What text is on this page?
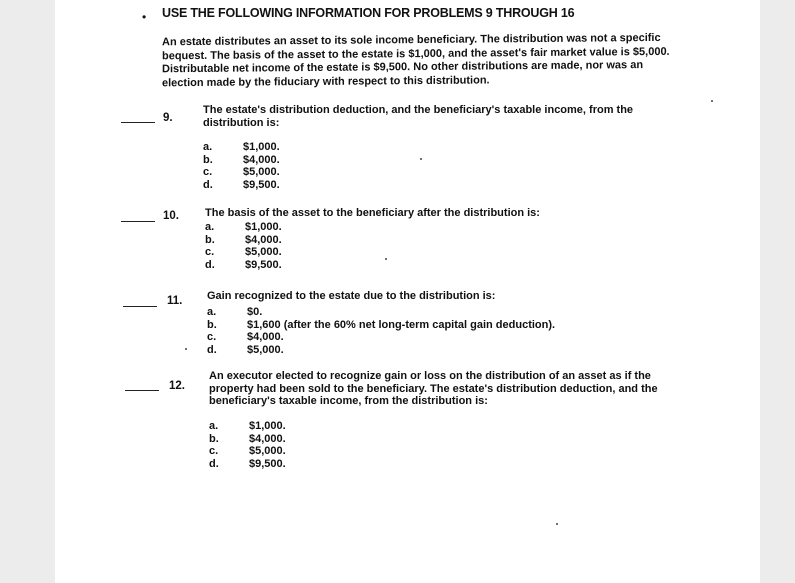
• USE THE FOLLOWING INFORMATION FOR PROBLEMS 9 THROUGH 16
An estate distributes an asset to its sole income beneficiary. The distribution was not a specific bequest. The basis of the asset to the estate is $1,000, and the asset's fair market value is $5,000. Distributable net income of the estate is $9,500. No other distributions are made, nor was an election made by the fiduciary with respect to this distribution.
9.
The estate's distribution deduction, and the beneficiary's taxable income, from the distribution is:
a.	$1,000.
b.	$4,000.
c.	$5,000.
d.	$9,500.
10. The basis of the asset to the beneficiary after the distribution is:
a.	$1,000.
b.	$4,000.
c.	$5,000.
d.	$9,500.
11. Gain recognized to the estate due to the distribution is:
a.	$0.
b.	$1,600 (after the 60% net long-term capital gain deduction).
c.	$4,000.
d.	$5,000.
12.
An executor elected to recognize gain or loss on the distribution of an asset as if the property had been sold to the beneficiary. The estate's distribution deduction, and the beneficiary's taxable income, from the distribution is:
a.	$1,000.
b.	$4,000.
c.	$5,000.
d.	$9,500.
